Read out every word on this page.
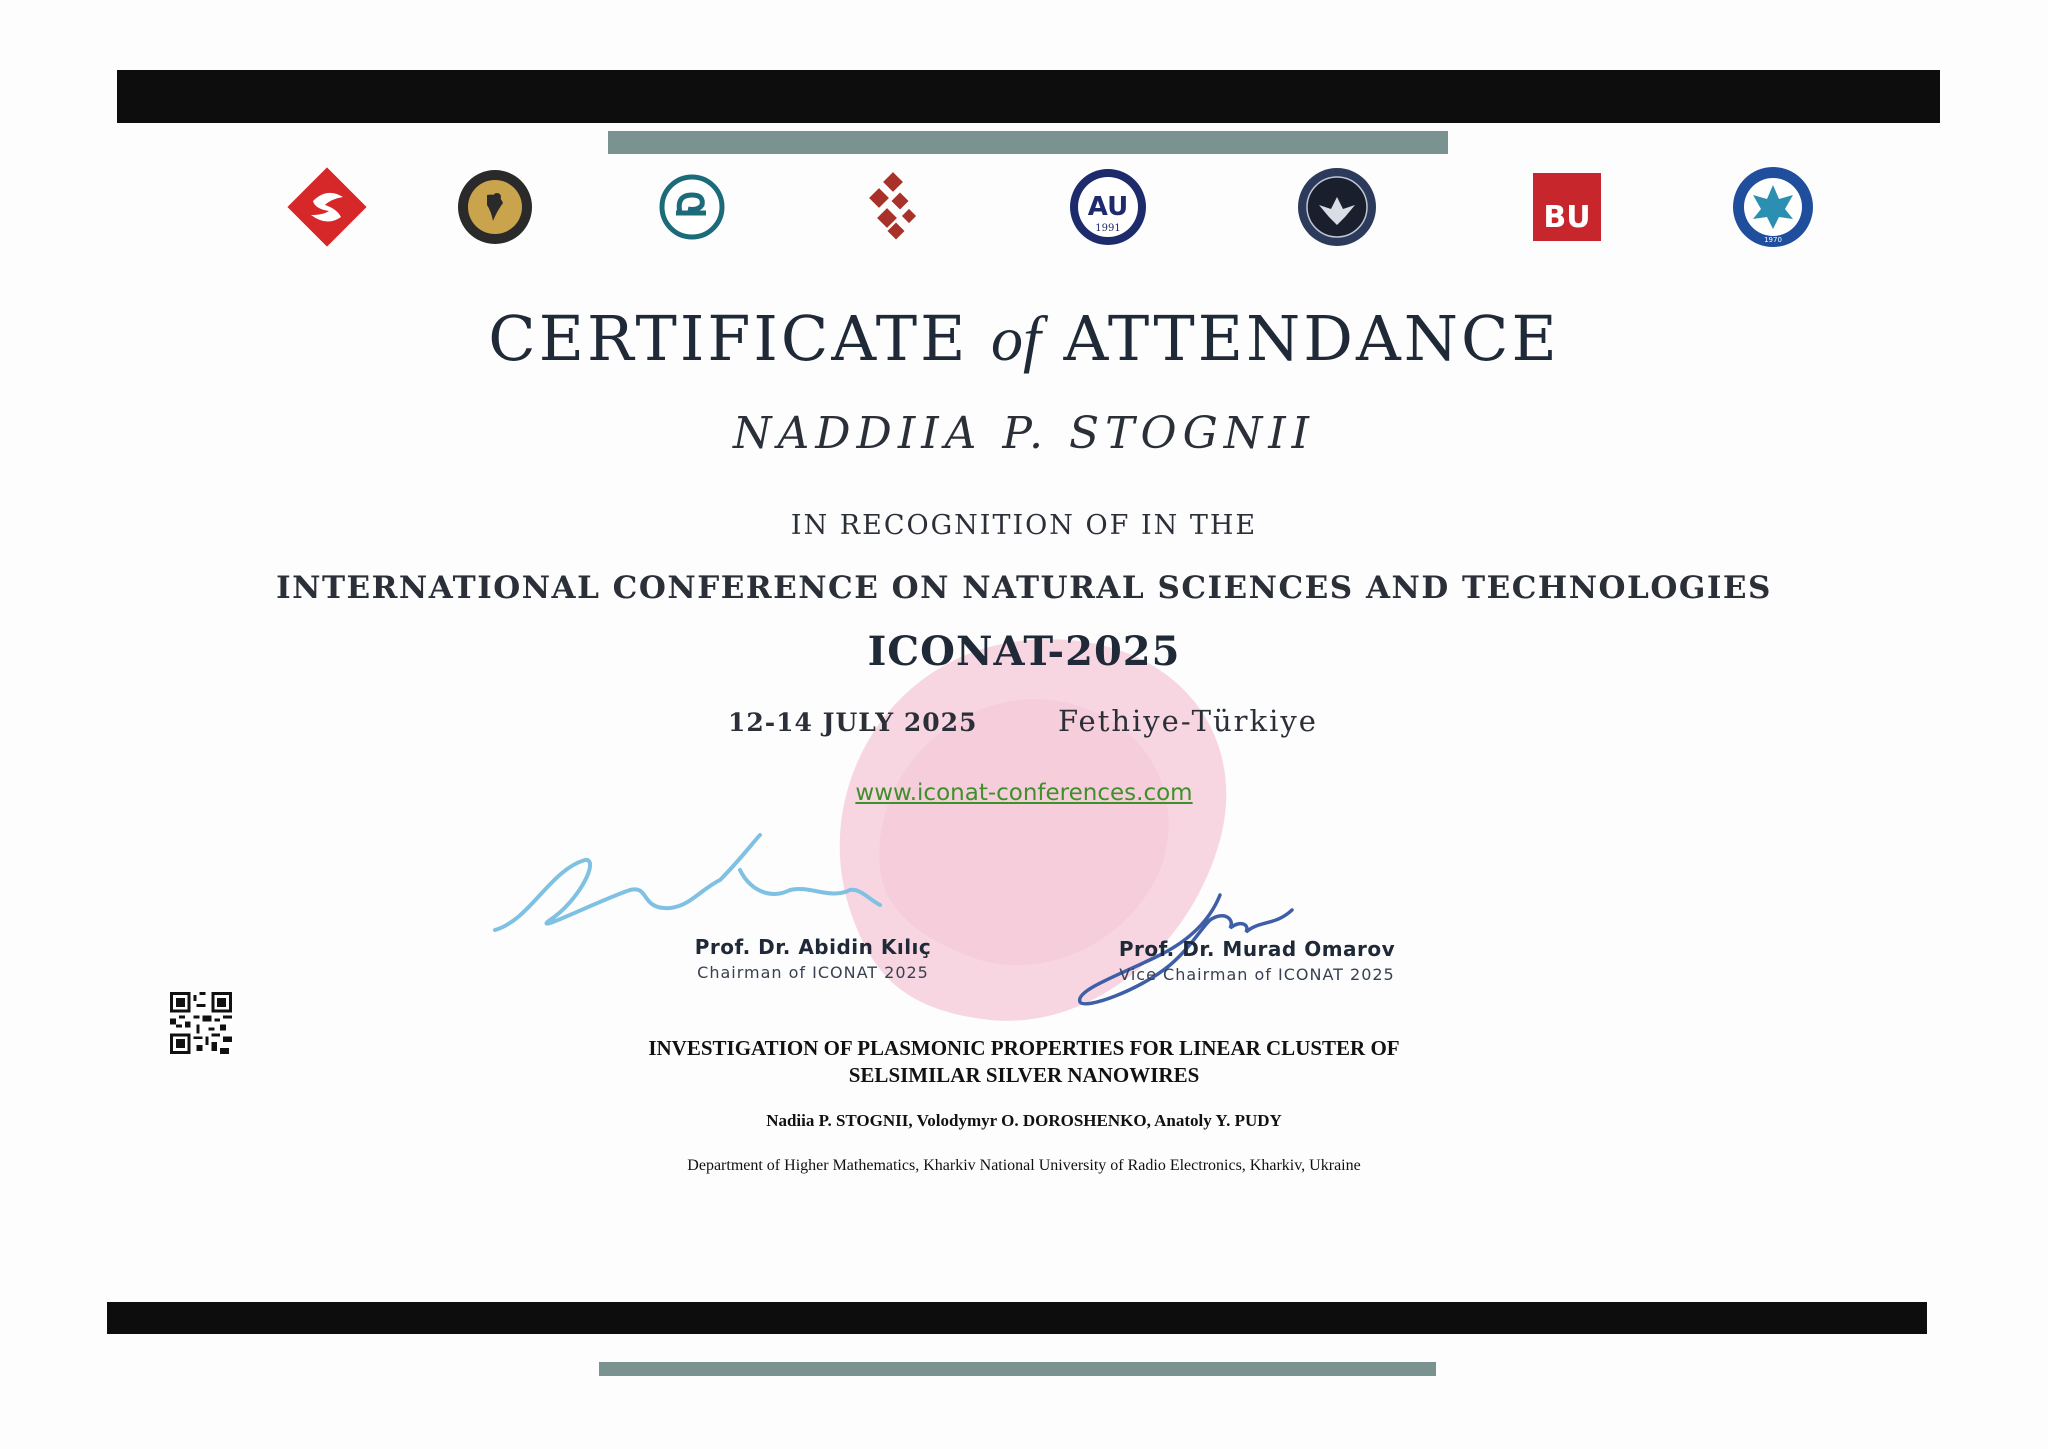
AU
1991	BU
1970
CERTIFICATE of ATTENDANCE
NADDIIA P. STOGNII
IN RECOGNITION OF IN THE
INTERNATIONAL CONFERENCE ON NATURAL SCIENCES AND TECHNOLOGIES
ICONAT-2025
12-14 JULY 2025	Fethiye-Türkiye
www.iconat-conferences.com
Prof. Dr. Abidin Kılıç
Chairman of ICONAT 2025
Prof. Dr. Murad Omarov
Vice Chairman of ICONAT 2025
INVESTIGATION OF PLASMONIC PROPERTIES FOR LINEAR CLUSTER OF
SELSIMILAR SILVER NANOWIRES
Nadiia P. STOGNII, Volodymyr O. DOROSHENKO, Anatoly Y. PUDY
Department of Higher Mathematics, Kharkiv National University of Radio Electronics, Kharkiv, Ukraine
